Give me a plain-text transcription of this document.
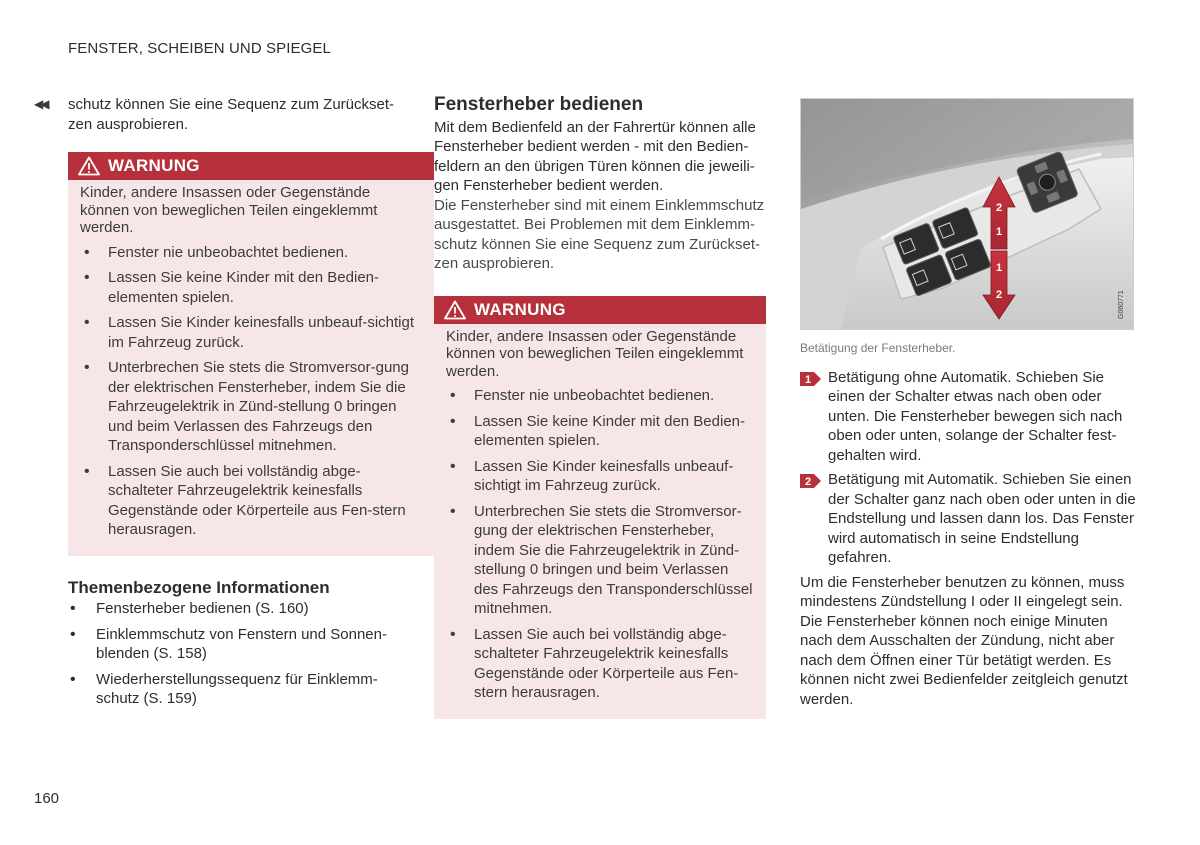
FENSTER, SCHEIBEN UND SPIEGEL
◀◀	schutz können Sie eine Sequenz zum Zurückset-zen ausprobieren.
WARNUNG

Kinder, andere Insassen oder Gegenstände können von beweglichen Teilen eingeklemmt werden.

• Fenster nie unbeobachtet bedienen.
• Lassen Sie keine Kinder mit den Bedien-elementen spielen.
• Lassen Sie Kinder keinesfalls unbeauf-sichtigt im Fahrzeug zurück.
• Unterbrechen Sie stets die Stromversor-gung der elektrischen Fensterheber, indem Sie die Fahrzeugelektrik in Zünd-stellung 0 bringen und beim Verlassen des Fahrzeugs den Transponderschlüssel mitnehmen.
• Lassen Sie auch bei vollständig abge-schalteter Fahrzeugelektrik keinesfalls Gegenstände oder Körperteile aus Fen-stern herausragen.
Themenbezogene Informationen
• Fensterheber bedienen (S. 160)
• Einklemmschutz von Fenstern und Sonnen-blenden (S. 158)
• Wiederherstellungssequenz für Einklemm-schutz (S. 159)
Fensterheber bedienen

Mit dem Bedienfeld an der Fahrertür können alle Fensterheber bedient werden - mit den Bedien-feldern an den übrigen Türen können die jeweili-gen Fensterheber bedient werden.

Die Fensterheber sind mit einem Einklemmschutz ausgestattet. Bei Problemen mit dem Einklemm-schutz können Sie eine Sequenz zum Zurückset-zen ausprobieren.

WARNUNG

Kinder, andere Insassen oder Gegenstände können von beweglichen Teilen eingeklemmt werden.

• Fenster nie unbeobachtet bedienen.
• Lassen Sie keine Kinder mit den Bedien-elementen spielen.
• Lassen Sie Kinder keinesfalls unbeauf-sichtigt im Fahrzeug zurück.
• Unterbrechen Sie stets die Stromversor-gung der elektrischen Fensterheber, indem Sie die Fahrzeugelektrik in Zünd-stellung 0 bringen und beim Verlassen des Fahrzeugs den Transponderschlüssel mitnehmen.
• Lassen Sie auch bei vollständig abge-schalteter Fahrzeugelektrik keinesfalls Gegenstände oder Körperteile aus Fen-stern herausragen.
2
1
1
2	G060771
Betätigung der Fensterheber.
1 Betätigung ohne Automatik. Schieben Sie einen der Schalter etwas nach oben oder unten. Die Fensterheber bewegen sich nach oben oder unten, solange der Schalter fest-gehalten wird.
2 Betätigung mit Automatik. Schieben Sie einen der Schalter ganz nach oben oder unten in die Endstellung und lassen dann los. Das Fenster wird automatisch in seine Endstellung gefahren.

Um die Fensterheber benutzen zu können, muss mindestens Zündstellung I oder II eingelegt sein. Die Fensterheber können noch einige Minuten nach dem Ausschalten der Zündung, nicht aber nach dem Öffnen einer Tür betätigt werden. Es können nicht zwei Bedienfelder zeitgleich genutzt werden.

160
